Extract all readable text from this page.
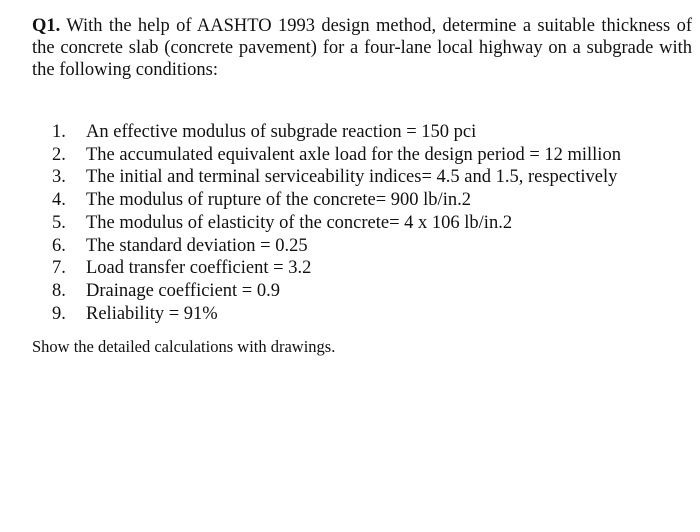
Q1. With the help of AASHTO 1993 design method, determine a suitable thickness of the concrete slab (concrete pavement) for a four-lane local highway on a subgrade with the following conditions:

1.	An effective modulus of subgrade reaction = 150 pci
2.	The accumulated equivalent axle load for the design period = 12 million
3.	The initial and terminal serviceability indices= 4.5 and 1.5, respectively
4.	The modulus of rupture of the concrete= 900 lb/in.2
5.	The modulus of elasticity of the concrete= 4 x 106 lb/in.2
6.	The standard deviation = 0.25
7.	Load transfer coefficient = 3.2
8.	Drainage coefficient = 0.9
9.	Reliability = 91%

Show the detailed calculations with drawings.
